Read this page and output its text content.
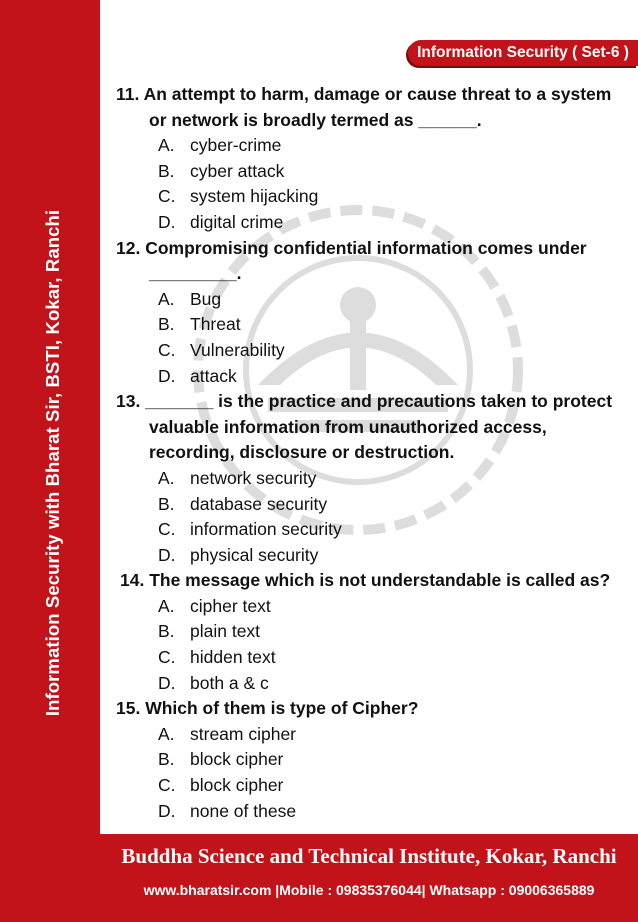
Information Security with Bharat Sir, BSTI, Kokar, Ranchi
Information Security ( Set-6 )

11. An attempt to harm, damage or cause threat to a system or network is broadly termed as ______.

A. cyber-crime
B. cyber attack
C. system hijacking
D. digital crime

12. Compromising confidential information comes under _________.

A. Bug
B. Threat
C. Vulnerability
D. attack

13. _______ is the practice and precautions taken to protect valuable information from unauthorized access, recording, disclosure or destruction.

A. network security
B. database security
C. information security
D. physical security

14. The message which is not understandable is called as?

A. cipher text
B. plain text
C. hidden text
D. both a & c

15. Which of them is type of Cipher?

A. stream cipher
B. block cipher
C. block cipher
D. none of these
Buddha Science and Technical Institute, Kokar, Ranchi
www.bharatsir.com |Mobile : 09835376044| Whatsapp : 09006365889
